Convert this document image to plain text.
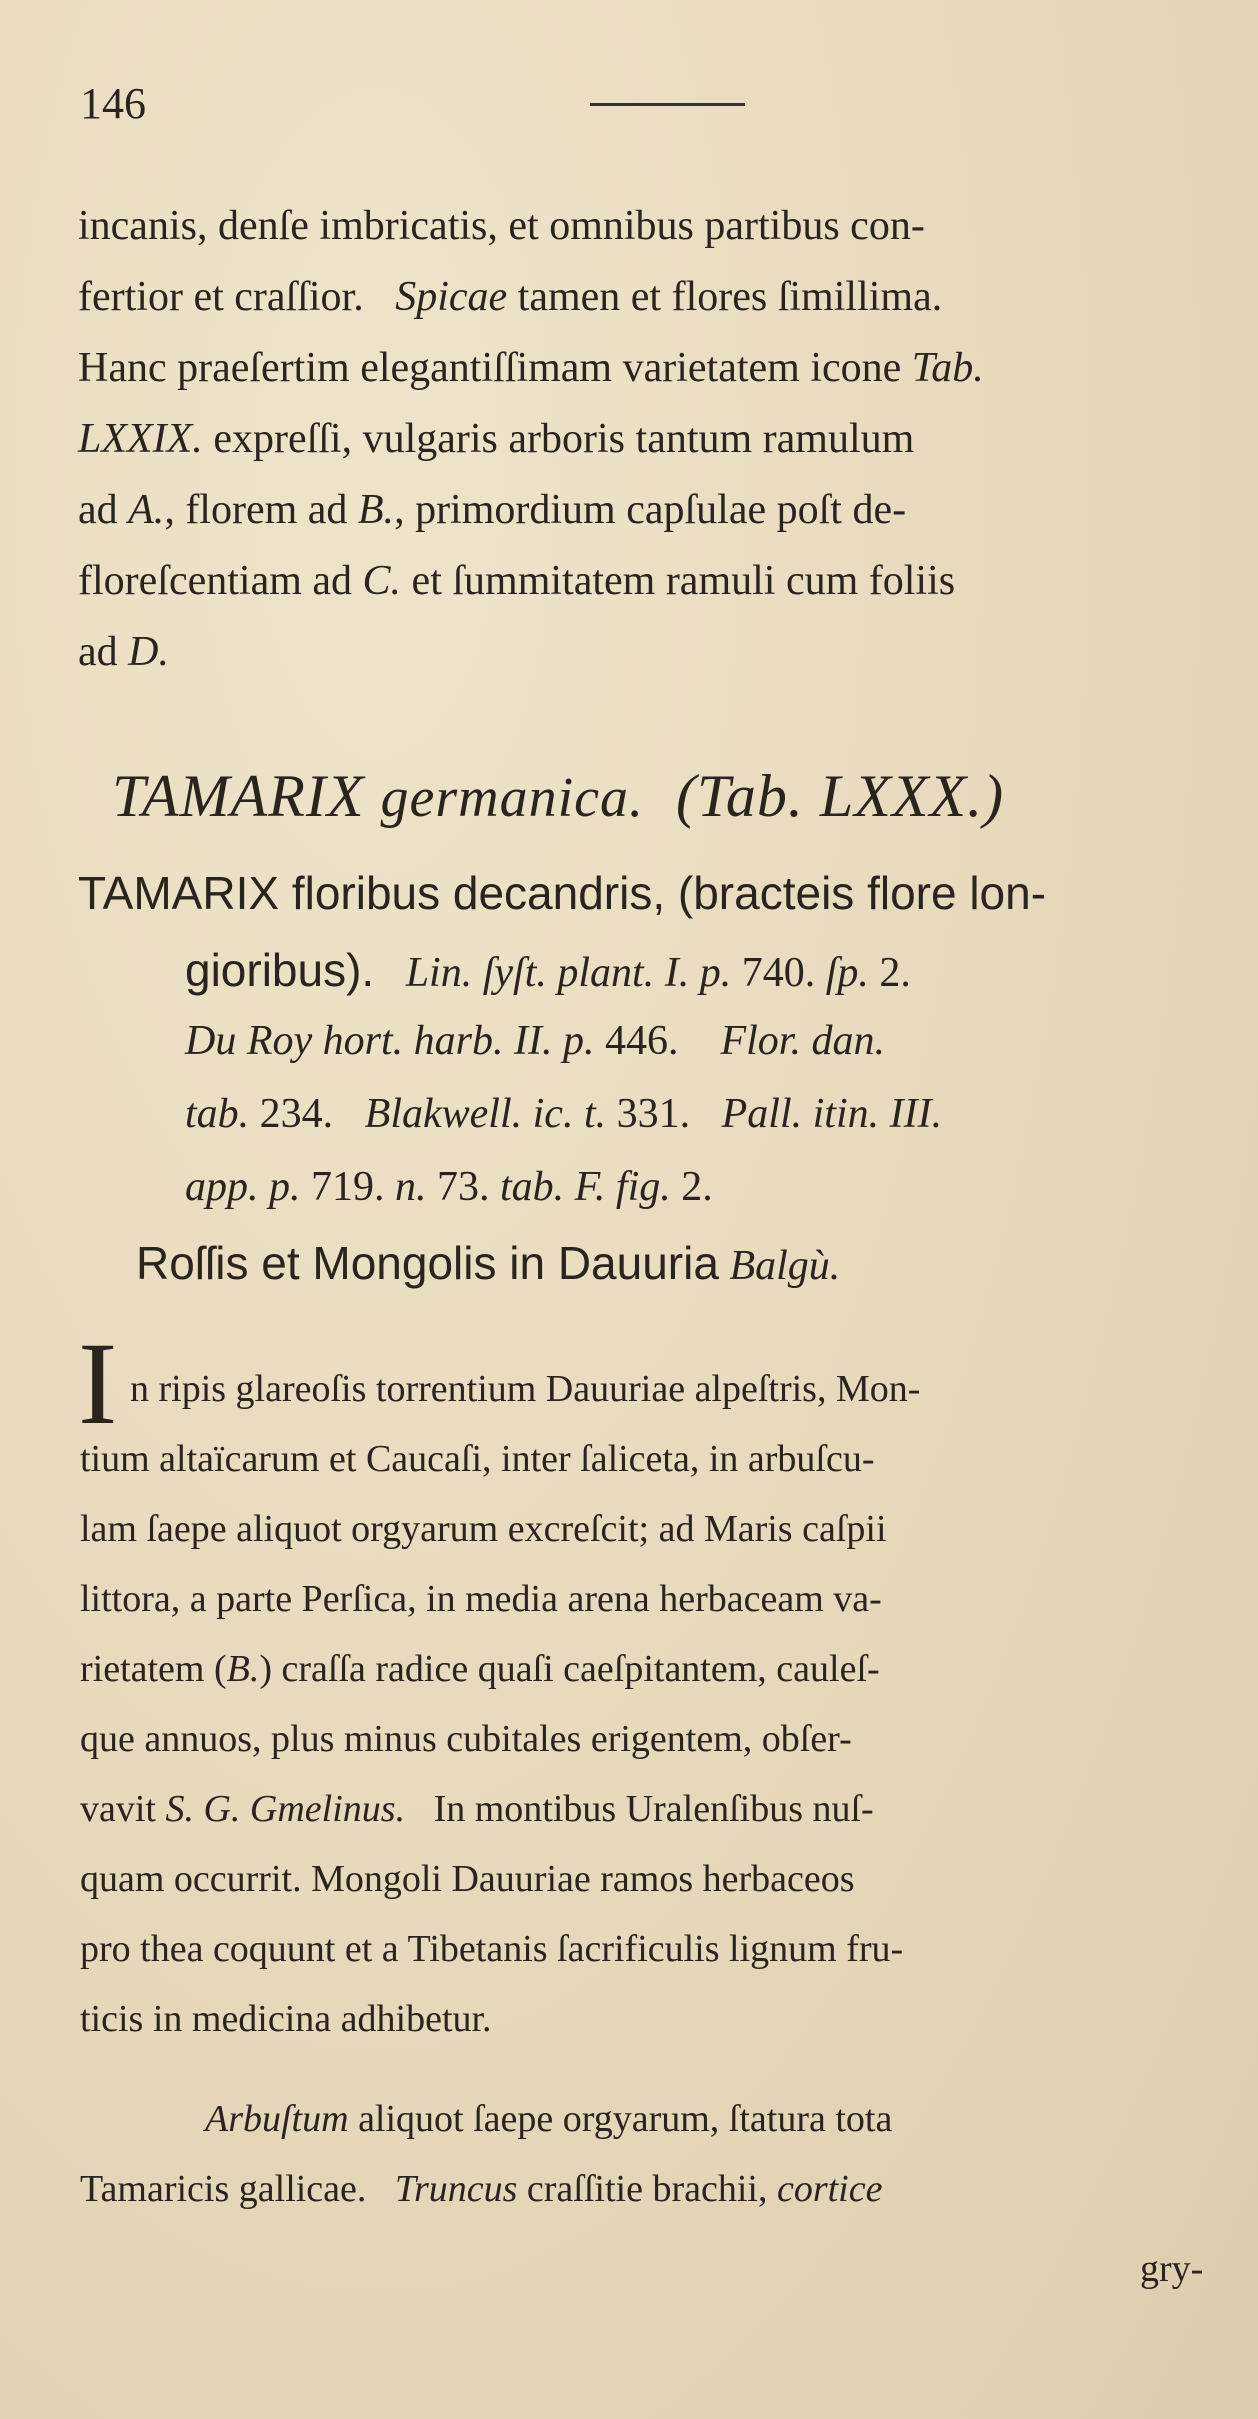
146
incanis, denſe imbricatis, et omnibus partibus con-
fertior et craſſior. Spicae tamen et flores ſimillima.
Hanc praeſertim elegantiſſimam varietatem icone Tab.
LXXIX. expreſſi, vulgaris arboris tantum ramulum
ad A., florem ad B., primordium capſulae poſt de-
floreſcentiam ad C. et ſummitatem ramuli cum foliis
ad D.
TAMARIX germanica. (Tab. LXXX.)
TAMARIX floribus decandris, (bracteis flore lon-
gioribus). Lin. ſyſt. plant. I. p. 740. ſp. 2.
Du Roy hort. harb. II. p. 446. Flor. dan.
tab. 234. Blakwell. ic. t. 331. Pall. itin. III.
app. p. 719. n. 73. tab. F. fig. 2.
Roſſis et Mongolis in Dauuria Balgù.
I n ripis glareoſis torrentium Dauuriae alpeſtris, Mon-
tium altaïcarum et Caucaſi, inter ſaliceta, in arbuſcu-
lam ſaepe aliquot orgyarum excreſcit; ad Maris caſpii
littora, a parte Perſica, in media arena herbaceam va-
rietatem (B.) craſſa radice quaſi caeſpitantem, cauleſ-
que annuos, plus minus cubitales erigentem, obſer-
vavit S. G. Gmelinus. In montibus Uralenſibus nuſ-
quam occurrit. Mongoli Dauuriae ramos herbaceos
pro thea coquunt et a Tibetanis ſacrificulis lignum fru-
ticis in medicina adhibetur.
Arbuſtum aliquot ſaepe orgyarum, ſtatura tota
Tamaricis gallicae. Truncus craſſitie brachii, cortice
gry-
